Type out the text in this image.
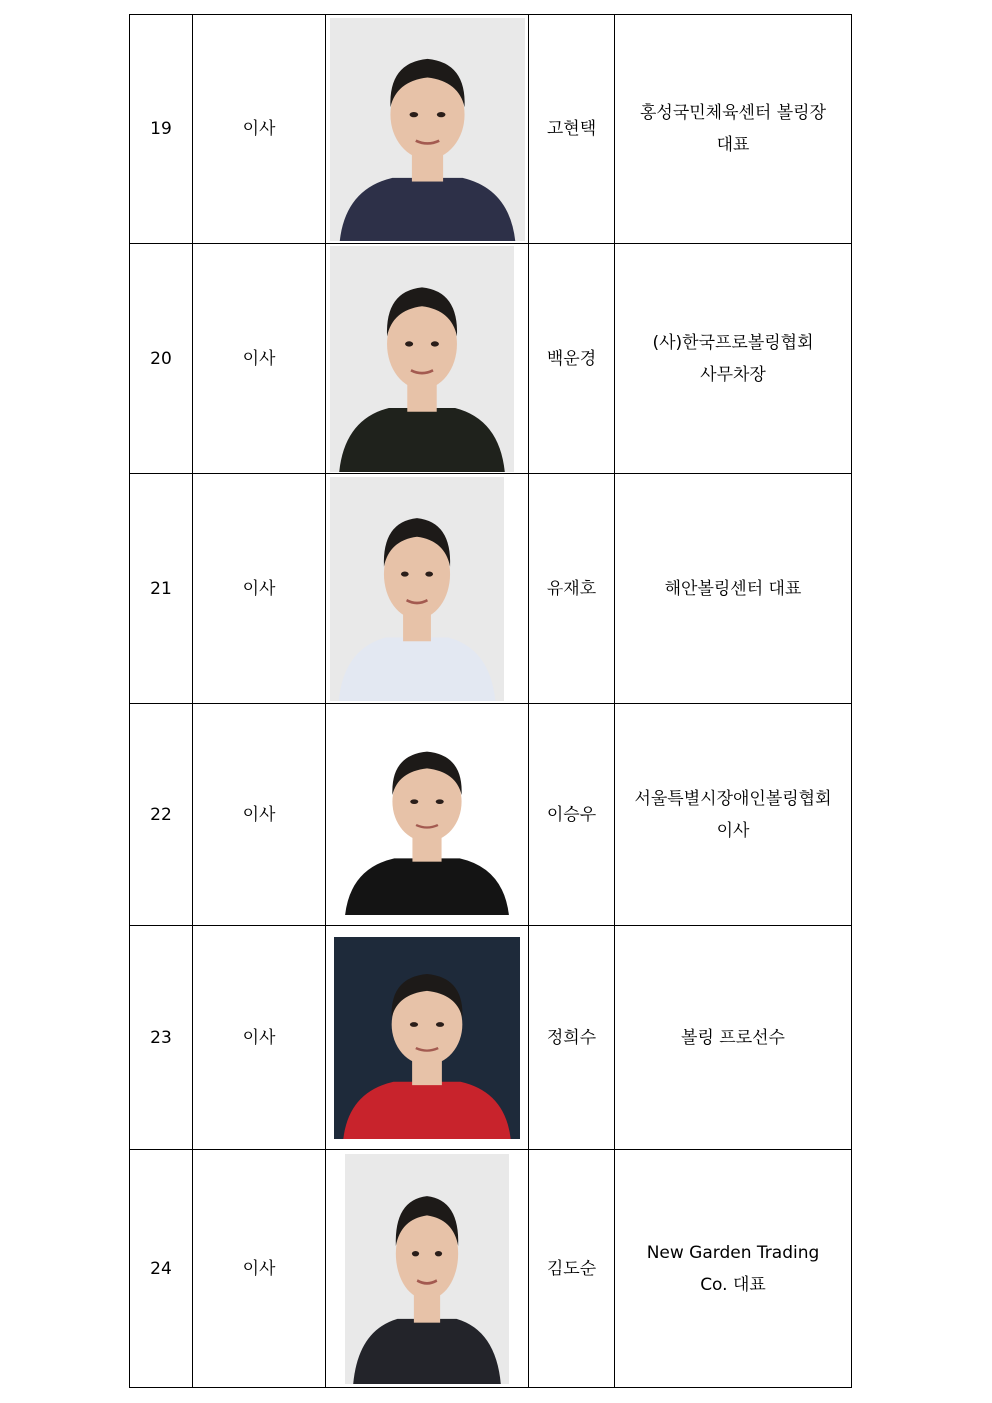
19	이사		고현택	홍성국민체육센터 볼링장
대표

20	이사		백운경	(사)한국프로볼링협회
사무차장

21	이사		유재호	해안볼링센터 대표

22	이사		이승우	서울특별시장애인볼링협회
이사

23	이사		정희수	볼링 프로선수

24	이사		김도순	New Garden Trading
Co. 대표
